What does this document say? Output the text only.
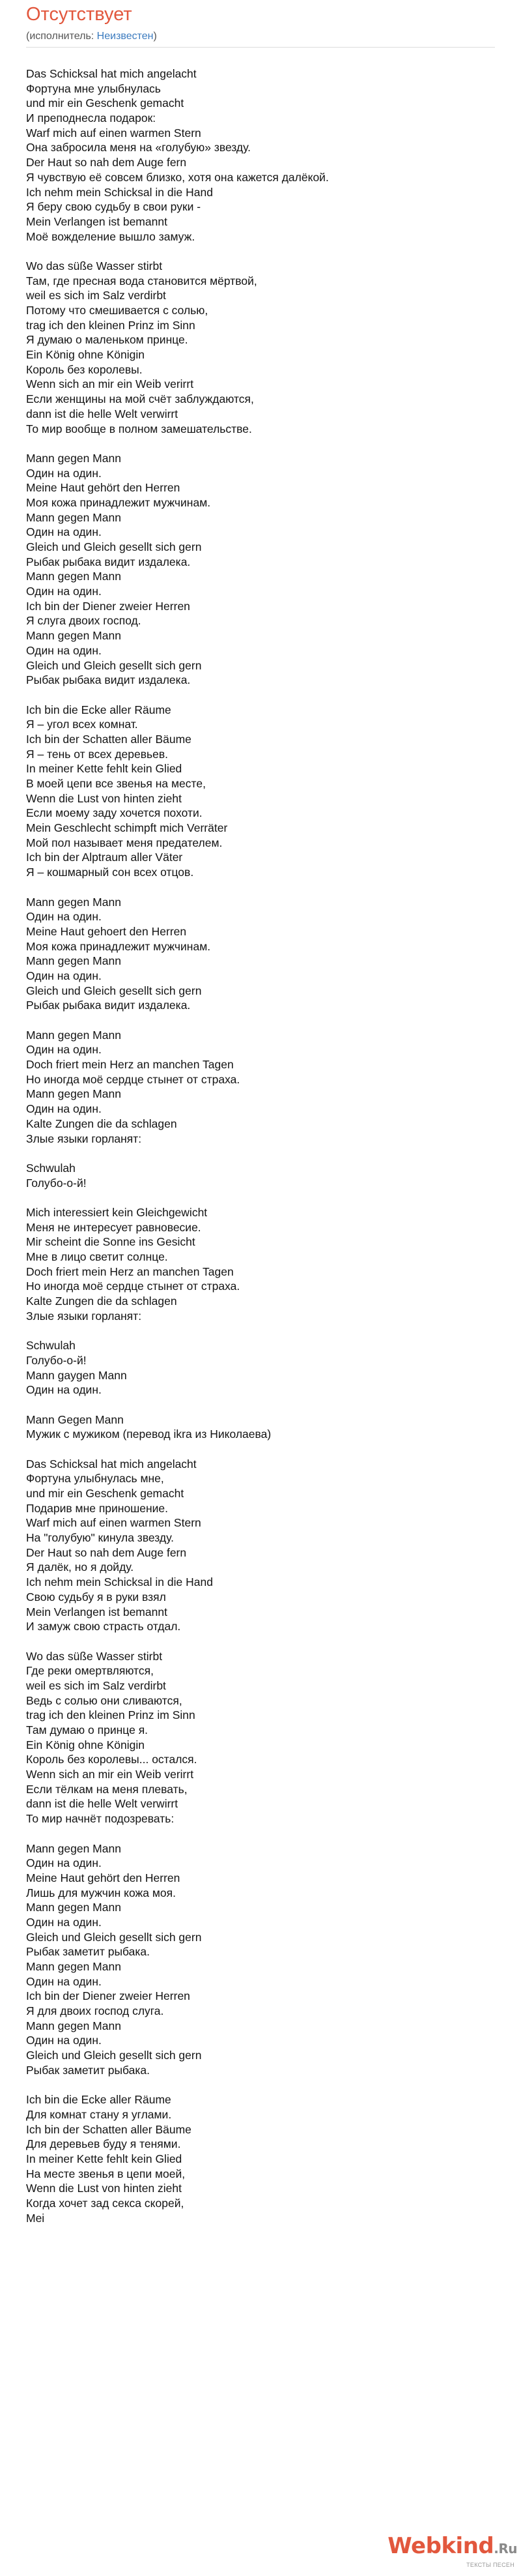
Отсутствует
(исполнитель: Неизвестен)
Das Schicksal hat mich angelacht
Фортуна мне улыбнулась
und mir ein Geschenk gemacht
И преподнесла подарок:
Warf mich auf einen warmen Stern
Она забросила меня на «голубую» звезду.
Der Haut so nah dem Auge fern
Я чувствую её совсем близко, хотя она кажется далёкой.
Ich nehm mein Schicksal in die Hand
Я беру свою судьбу в свои руки -
Mein Verlangen ist bemannt
Моё вожделение вышло замуж.

Wo das süße Wasser stirbt
Там, где пресная вода становится мёртвой,
weil es sich im Salz verdirbt
Потому что смешивается с солью,
trag ich den kleinen Prinz im Sinn
Я думаю о маленьком принце.
Ein König ohne Königin
Король без королевы.
Wenn sich an mir ein Weib verirrt
Если женщины на мой счёт заблуждаются,
dann ist die helle Welt verwirrt
То мир вообще в полном замешательстве.

Mann gegen Mann
Один на один.
Meine Haut gehört den Herren
Моя кожа принадлежит мужчинам.
Mann gegen Mann
Один на один.
Gleich und Gleich gesellt sich gern
Рыбак рыбака видит издалека.
Mann gegen Mann
Один на один.
Ich bin der Diener zweier Herren
Я слуга двоих господ.
Mann gegen Mann
Один на один.
Gleich und Gleich gesellt sich gern
Рыбак рыбака видит издалека.

Ich bin die Ecke aller Räume
Я – угол всех комнат.
Ich bin der Schatten aller Bäume
Я – тень от всех деревьев.
In meiner Kette fehlt kein Glied
В моей цепи все звенья на месте,
Wenn die Lust von hinten zieht
Если моему заду хочется похоти.
Mein Geschlecht schimpft mich Verräter
Мой пол называет меня предателем.
Ich bin der Alptraum aller Väter
Я – кошмарный сон всех отцов.

Mann gegen Mann
Один на один.
Meine Haut gehoert den Herren
Моя кожа принадлежит мужчинам.
Mann gegen Mann
Один на один.
Gleich und Gleich gesellt sich gern
Рыбак рыбака видит издалека.

Mann gegen Mann
Один на один.
Doch friert mein Herz an manchen Tagen
Но иногда моё сердце стынет от страха.
Mann gegen Mann
Один на один.
Kalte Zungen die da schlagen
Злые языки горланят:

Schwulah
Голубо-о-й!

Mich interessiert kein Gleichgewicht
Меня не интересует равновесие.
Mir scheint die Sonne ins Gesicht
Мне в лицо светит солнце.
Doch friert mein Herz an manchen Tagen
Но иногда моё сердце стынет от страха.
Kalte Zungen die da schlagen
Злые языки горланят:

Schwulah
Голубо-о-й!
Mann gaygen Mann
Один на один.

Mann Gegen Mann
Мужик с мужиком (перевод ikra из Николаева)

Das Schicksal hat mich angelacht
Фортуна улыбнулась мне,
und mir ein Geschenk gemacht
Подарив мне приношение.
Warf mich auf einen warmen Stern
На "голубую" кинула звезду.
Der Haut so nah dem Auge fern
Я далёк, но я дойду.
Ich nehm mein Schicksal in die Hand
Свою судьбу я в руки взял
Mein Verlangen ist bemannt
И замуж свою страсть отдал.

Wo das süße Wasser stirbt
Где реки омертвляются,
weil es sich im Salz verdirbt
Ведь с солью они сливаются,
trag ich den kleinen Prinz im Sinn
Там думаю о принце я.
Ein König ohne Königin
Король без королевы... остался.
Wenn sich an mir ein Weib verirrt
Если тёлкам на меня плевать,
dann ist die helle Welt verwirrt
То мир начнёт подозревать:

Mann gegen Mann
Один на один.
Meine Haut gehört den Herren
Лишь для мужчин кожа моя.
Mann gegen Mann
Один на один.
Gleich und Gleich gesellt sich gern
Рыбак заметит рыбака.
Mann gegen Mann
Один на один.
Ich bin der Diener zweier Herren
Я для двоих господ слуга.
Mann gegen Mann
Один на один.
Gleich und Gleich gesellt sich gern
Рыбак заметит рыбака.

Ich bin die Ecke aller Räume
Для комнат стану я углами.
Ich bin der Schatten aller Bäume
Для деревьев буду я тенями.
In meiner Kette fehlt kein Glied
На месте звенья в цепи моей,
Wenn die Lust von hinten zieht
Когда хочет зад секса скорей,
Mei
Webkind.Ru
ТЕКСТЫ ПЕСЕН
